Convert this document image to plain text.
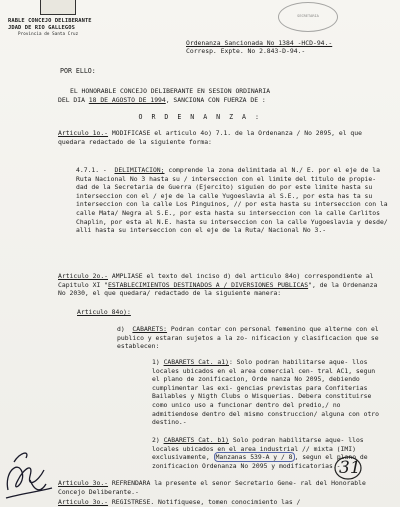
RABLE CONCEJO DELIBERANTE
JDAD DE RIO GALLEGOS
Provincia de Santa Cruz
SECRETARIA
Ordenanza Sancionada No 1384 -HCD-94.-
Corresp. Expte. No 2.843-D-94.-
POR ELLO:
EL HONORABLE CONCEJO DELIBERANTE EN SESION ORDINARIA
DEL DIA 18 DE AGOSTO DE 1994, SANCIONA CON FUERZA DE :
O R D E N A N Z A :
Articulo 1o.- MODIFICASE el articulo 4o) 7.1. de la Ordenanza / No 2095, el que quedara redactado de la siguiente forma:
4.7.1. - DELIMITACION; comprende la zona delimitada al N./ E. por el eje de la Ruta Nacional No 3 hasta su / interseccion con el limite del titulo de propie- dad de la Secretaria de Guerra (Ejercito) siguien do por este limite hasta su interseccion con el / eje de la calle Yugoeslavia al S.E., por esta has ta su interseccion con la calle Los Pinguinos, // por esta hasta su interseccion con la calle Mata/ Negra al S.E., por esta hasta su interseccion con la calle Carlitos Chaplin, por esta al N.E. hasta su interseccion con la calle Yugoeslavia y desde/ alli hasta su interseccion con el eje de la Ruta/ Nacional No 3.-
Articulo 2o.- AMPLIASE el texto del inciso d) del articulo 84o) correspondiente al Capitulo XI "ESTABLECIMIENTOS DESTINADOS A / DIVERSIONES PUBLICAS", de la Ordenanza No 2030, el que quedara/ redactado de la siguiente manera:
Articulo 84o):
d) CABARETS: Podran contar con personal femenino que alterne con el publico y estaran sujetos a la zo- nificacion y clasificacion que se establecen:
1) CABARETS Cat. a1): Solo podran habilitarse aque- llos locales ubicados en el area comercial cen- tral AC1, segun el plano de zonificacion, Orde nanza No 2095, debiendo cumplimentar las exi- gencias previstas para Confiterias Bailables y Nigth Clubs o Wisquerias. Debera constituirse como unico uso a funcionar dentro del predio,/ no admitiendose dentro del mismo construccion/ alguna con otro destino.-
2) CABARETS Cat. b1) Solo podran habilitarse aque- llos locales ubicados en el area industrial // mixta (IMI) exclusivamente, Manzanas 539-A y / 8 , segun el plano de zonificacion Ordenanza No 2095 y modificatorias.-
Articulo 3o.- REFRENDARA la presente el senor Secretario Gene- ral del Honorable Concejo Deliberante.-
Articulo 3o.- REGISTRESE. Notifiquese, tomen conocimiento las /
31
